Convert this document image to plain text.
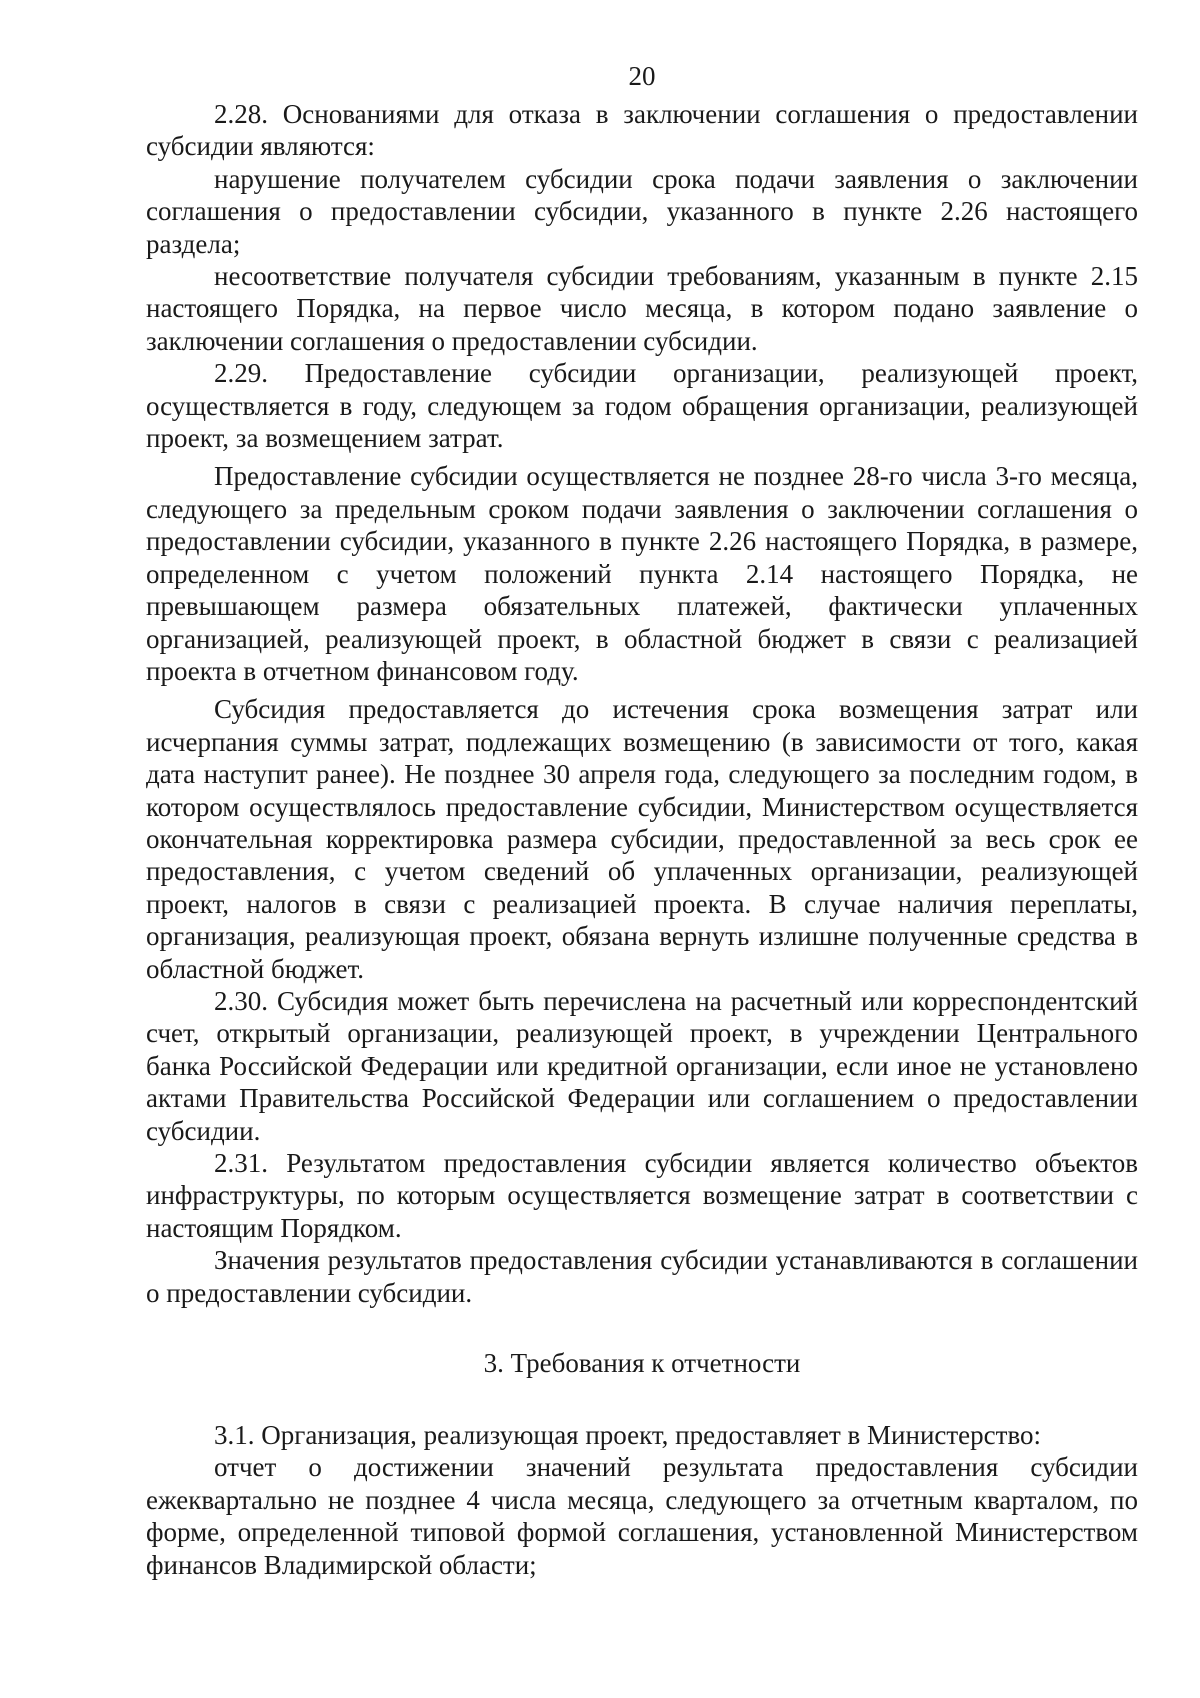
20

2.28. Основаниями для отказа в заключении соглашения о предоставлении субсидии являются:

нарушение получателем субсидии срока подачи заявления о заключении соглашения о предоставлении субсидии, указанного в пункте 2.26 настоящего раздела;

несоответствие получателя субсидии требованиям, указанным в пункте 2.15 настоящего Порядка, на первое число месяца, в котором подано заявление о заключении соглашения о предоставлении субсидии.

2.29. Предоставление субсидии организации, реализующей проект, осуществляется в году, следующем за годом обращения организации, реализующей проект, за возмещением затрат.

Предоставление субсидии осуществляется не позднее 28-го числа 3-го месяца, следующего за предельным сроком подачи заявления о заключении соглашения о предоставлении субсидии, указанного в пункте 2.26 настоящего Порядка, в размере, определенном с учетом положений пункта 2.14 настоящего Порядка, не превышающем размера обязательных платежей, фактически уплаченных организацией, реализующей проект, в областной бюджет в связи с реализацией проекта в отчетном финансовом году.

Субсидия предоставляется до истечения срока возмещения затрат или исчерпания суммы затрат, подлежащих возмещению (в зависимости от того, какая дата наступит ранее). Не позднее 30 апреля года, следующего за последним годом, в котором осуществлялось предоставление субсидии, Министерством осуществляется окончательная корректировка размера субсидии, предоставленной за весь срок ее предоставления, с учетом сведений об уплаченных организации, реализующей проект, налогов в связи с реализацией проекта. В случае наличия переплаты, организация, реализующая проект, обязана вернуть излишне полученные средства в областной бюджет.

2.30. Субсидия может быть перечислена на расчетный или корреспондентский счет, открытый организации, реализующей проект, в учреждении Центрального банка Российской Федерации или кредитной организации, если иное не установлено актами Правительства Российской Федерации или соглашением о предоставлении субсидии.

2.31. Результатом предоставления субсидии является количество объектов инфраструктуры, по которым осуществляется возмещение затрат в соответствии с настоящим Порядком.

Значения результатов предоставления субсидии устанавливаются в соглашении о предоставлении субсидии.

3. Требования к отчетности

3.1. Организация, реализующая проект, предоставляет в Министерство:

отчет о достижении значений результата предоставления субсидии ежеквартально не позднее 4 числа месяца, следующего за отчетным кварталом, по форме, определенной типовой формой соглашения, установленной Министерством финансов Владимирской области;
